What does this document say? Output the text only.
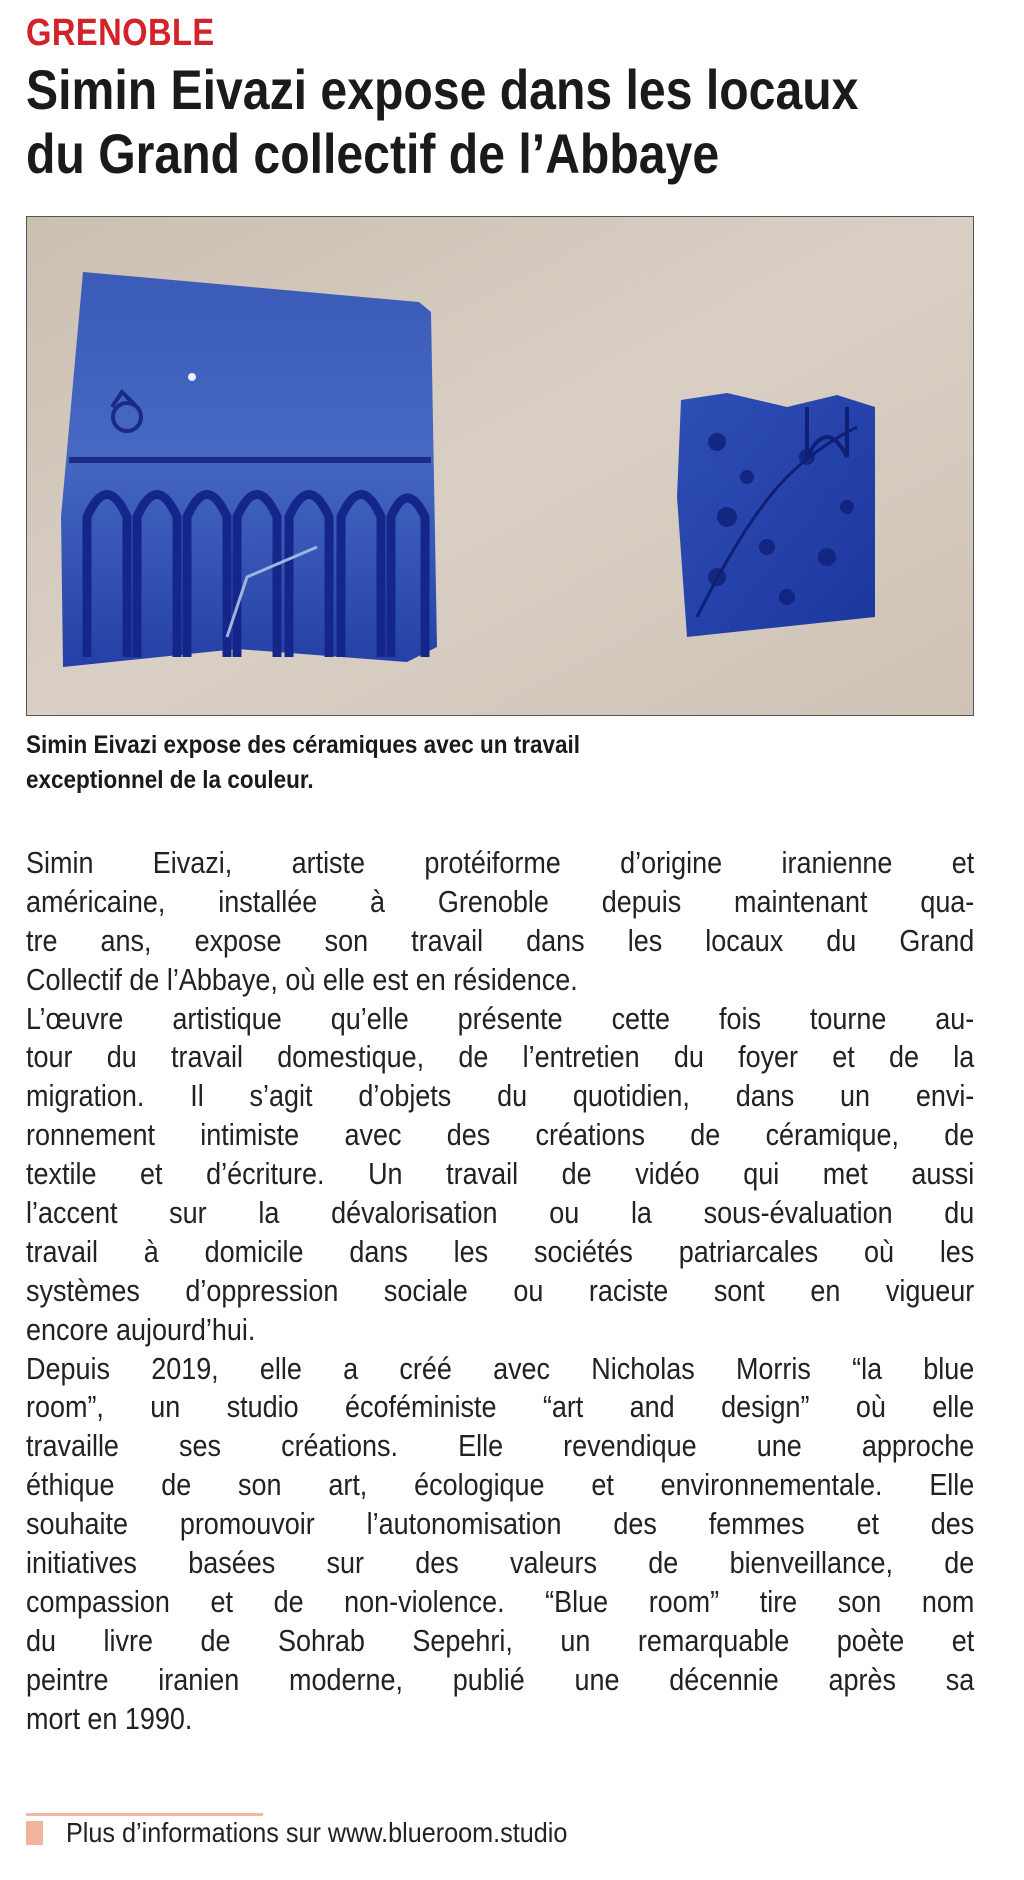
GRENOBLE
Simin Eivazi expose dans les locaux
du Grand collectif de l’Abbaye
Simin Eivazi expose des céramiques avec un travail
exceptionnel de la couleur.
Simin Eivazi, artiste protéiforme d’origine iranienne et
américaine, installée à Grenoble depuis maintenant qua-
tre ans, expose son travail dans les locaux du Grand
Collectif de l’Abbaye, où elle est en résidence.
L’œuvre artistique qu’elle présente cette fois tourne au-
tour du travail domestique, de l’entretien du foyer et de la
migration. Il s’agit d’objets du quotidien, dans un envi-
ronnement intimiste avec des créations de céramique, de
textile et d’écriture. Un travail de vidéo qui met aussi
l’accent sur la dévalorisation ou la sous-évaluation du
travail à domicile dans les sociétés patriarcales où les
systèmes d’oppression sociale ou raciste sont en vigueur
encore aujourd’hui.
Depuis 2019, elle a créé avec Nicholas Morris “la blue
room”, un studio écoféministe “art and design” où elle
travaille ses créations. Elle revendique une approche
éthique de son art, écologique et environnementale. Elle
souhaite promouvoir l’autonomisation des femmes et des
initiatives basées sur des valeurs de bienveillance, de
compassion et de non-violence. “Blue room” tire son nom
du livre de Sohrab Sepehri, un remarquable poète et
peintre iranien moderne, publié une décennie après sa
mort en 1990.
Plus d’informations sur www.blueroom.studio
